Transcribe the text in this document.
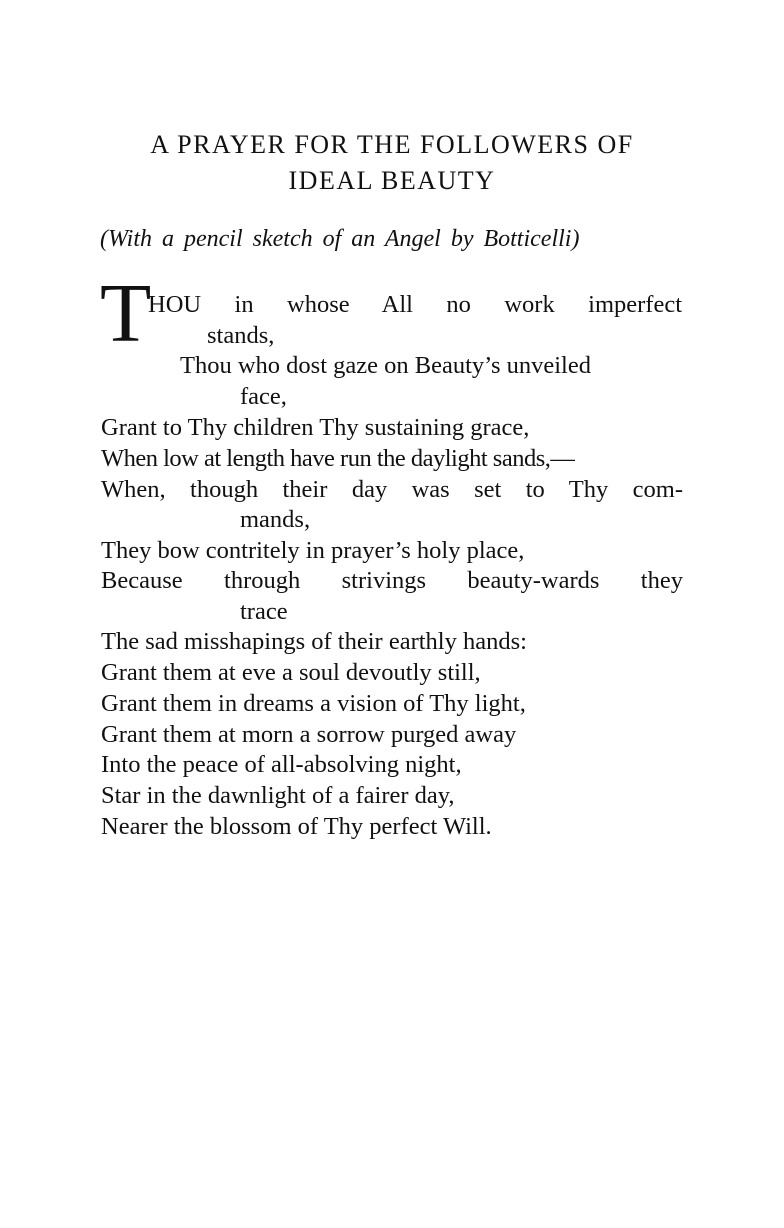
A PRAYER FOR THE FOLLOWERS OF
IDEAL BEAUTY
(With a pencil sketch of an Angel by Botticelli)
T
HOU in whose All no work imperfect
stands,
Thou who dost gaze on Beauty’s unveiled
face,
Grant to Thy children Thy sustaining grace,
When low at length have run the daylight sands,—
When, though their day was set to Thy com-
mands,
They bow contritely in prayer’s holy place,
Because through strivings beauty-wards they
trace
The sad misshapings of their earthly hands:
Grant them at eve a soul devoutly still,
Grant them in dreams a vision of Thy light,
Grant them at morn a sorrow purged away
Into the peace of all-absolving night,
Star in the dawnlight of a fairer day,
Nearer the blossom of Thy perfect Will.
